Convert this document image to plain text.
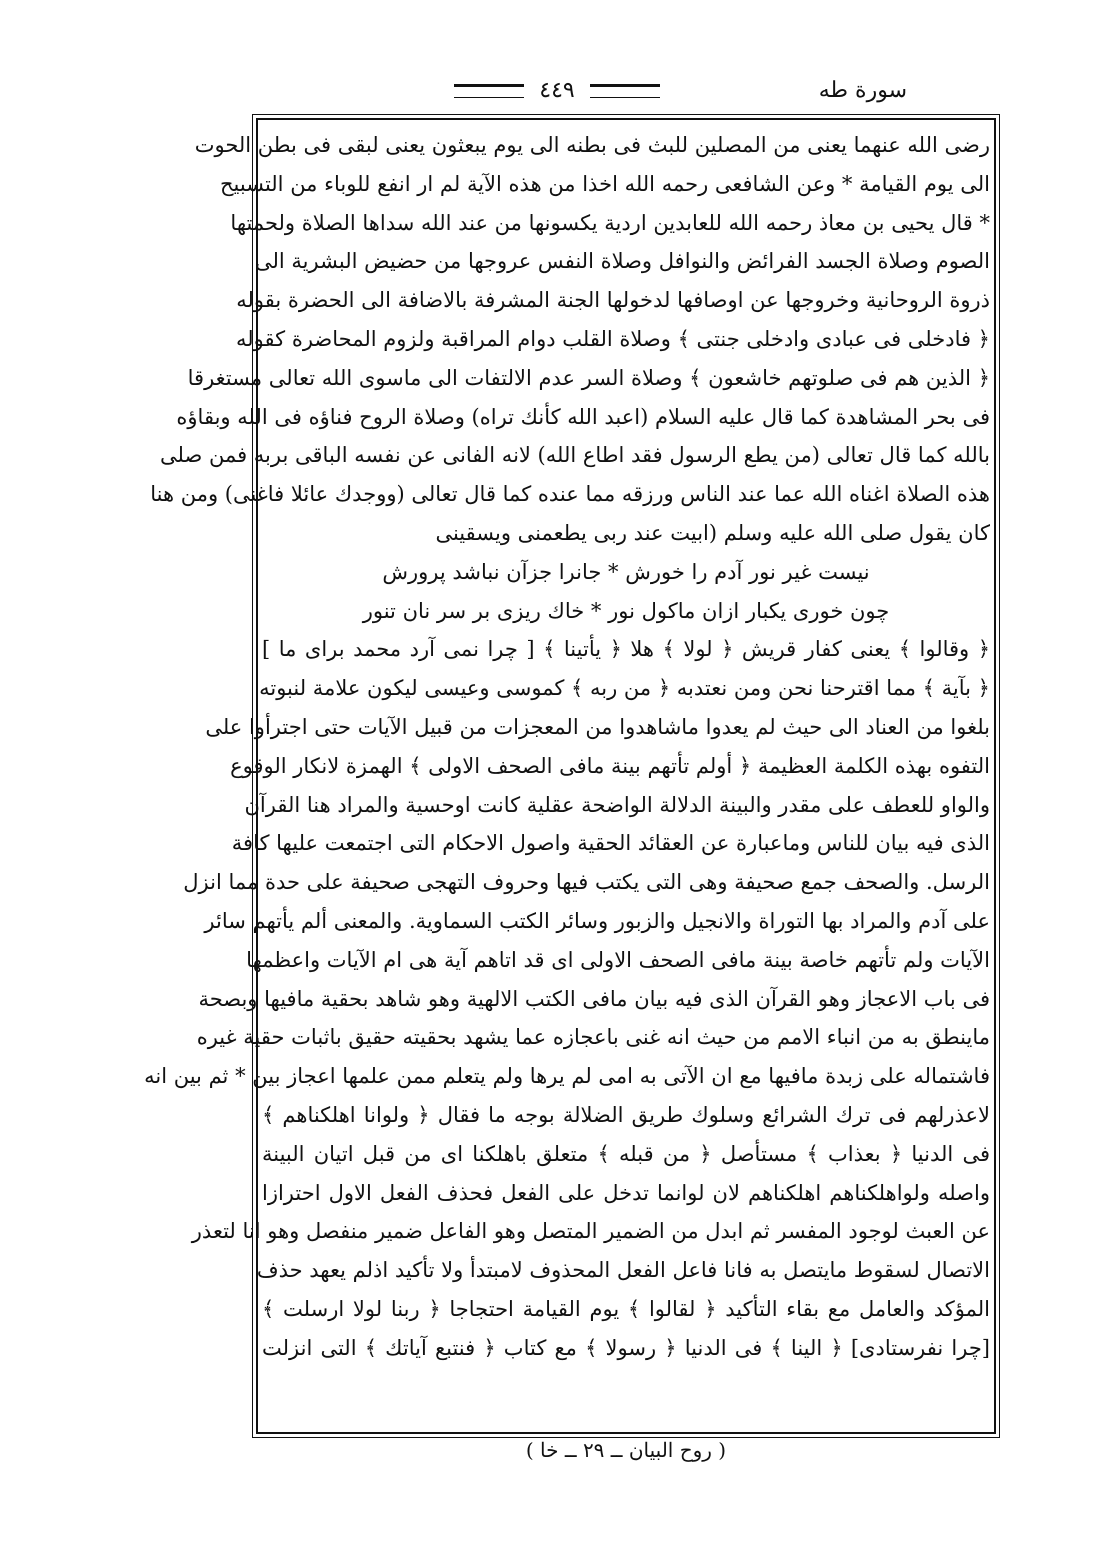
٤٤٩	سورة طه
رضى الله عنهما يعنى من المصلين للبث فى بطنه الى يوم يبعثون يعنى لبقى فى بطن الحوت
الى يوم القيامة * وعن الشافعى رحمه الله اخذا من هذه الآية لم ار انفع للوباء من التسبيح
* قال يحيى بن معاذ رحمه الله للعابدين اردية يكسونها من عند الله سداها الصلاة ولحمتها
الصوم وصلاة الجسد الفرائض والنوافل وصلاة النفس عروجها من حضيض البشرية الى
ذروة الروحانية وخروجها عن اوصافها لدخولها الجنة المشرفة بالاضافة الى الحضرة بقوله
﴿ فادخلى فى عبادى وادخلى جنتى ﴾ وصلاة القلب دوام المراقبة ولزوم المحاضرة كقوله
﴿ الذين هم فى صلوتهم خاشعون ﴾ وصلاة السر عدم الالتفات الى ماسوى الله تعالى مستغرقا
فى بحر المشاهدة كما قال عليه السلام (اعبد الله كأنك تراه) وصلاة الروح فناؤه فى الله وبقاؤه
بالله كما قال تعالى (من يطع الرسول فقد اطاع الله) لانه الفانى عن نفسه الباقى بربه فمن صلى
هذه الصلاة اغناه الله عما عند الناس ورزقه مما عنده كما قال تعالى (ووجدك عائلا فاغنى) ومن هنا
كان يقول صلى الله عليه وسلم (ابيت عند ربى يطعمنى ويسقينى
نيست غير نور آدم را خورش * جانرا جزآن نباشد پرورش
چون خورى يكبار ازان ماكول نور * خاك ريزى بر سر نان تنور
﴿ وقالوا ﴾ يعنى كفار قريش ﴿ لولا ﴾ هلا ﴿ يأتينا ﴾ [ چرا نمى آرد محمد براى ما ]
﴿ بآية ﴾ مما اقترحنا نحن ومن نعتدبه ﴿ من ربه ﴾ كموسى وعيسى ليكون علامة لنبوته
بلغوا من العناد الى حيث لم يعدوا ماشاهدوا من المعجزات من قبيل الآيات حتى اجترأوا على
التفوه بهذه الكلمة العظيمة ﴿ أولم تأتهم بينة مافى الصحف الاولى ﴾ الهمزة لانكار الوقوع
والواو للعطف على مقدر والبينة الدلالة الواضحة عقلية كانت اوحسية والمراد هنا القرآن
الذى فيه بيان للناس وماعبارة عن العقائد الحقية واصول الاحكام التى اجتمعت عليها كافة
الرسل. والصحف جمع صحيفة وهى التى يكتب فيها وحروف التهجى صحيفة على حدة مما انزل
على آدم والمراد بها التوراة والانجيل والزبور وسائر الكتب السماوية. والمعنى ألم يأتهم سائر
الآيات ولم تأتهم خاصة بينة مافى الصحف الاولى اى قد اتاهم آية هى ام الآيات واعظمها
فى باب الاعجاز وهو القرآن الذى فيه بيان مافى الكتب الالهية وهو شاهد بحقية مافيها وبصحة
ماينطق به من انباء الامم من حيث انه غنى باعجازه عما يشهد بحقيته حقيق باثبات حقية غيره
فاشتماله على زبدة مافيها مع ان الآتى به امى لم يرها ولم يتعلم ممن علمها اعجاز بين * ثم بين انه
لاعذرلهم فى ترك الشرائع وسلوك طريق الضلالة بوجه ما فقال ﴿ ولوانا اهلكناهم ﴾
فى الدنيا ﴿ بعذاب ﴾ مستأصل ﴿ من قبله ﴾ متعلق باهلكنا اى من قبل اتيان البينة
واصله ولواهلكناهم اهلكناهم لان لوانما تدخل على الفعل فحذف الفعل الاول احترازا
عن العبث لوجود المفسر ثم ابدل من الضمير المتصل وهو الفاعل ضمير منفصل وهو انا لتعذر
الاتصال لسقوط مايتصل به فانا فاعل الفعل المحذوف لامبتدأ ولا تأكيد اذلم يعهد حذف
المؤكد والعامل مع بقاء التأكيد ﴿ لقالوا ﴾ يوم القيامة احتجاجا ﴿ ربنا لولا ارسلت ﴾
[چرا نفرستادى] ﴿ الينا ﴾ فى الدنيا ﴿ رسولا ﴾ مع كتاب ﴿ فنتبع آياتك ﴾ التى انزلت
( روح البيان ــ ٢٩ ــ خا )
